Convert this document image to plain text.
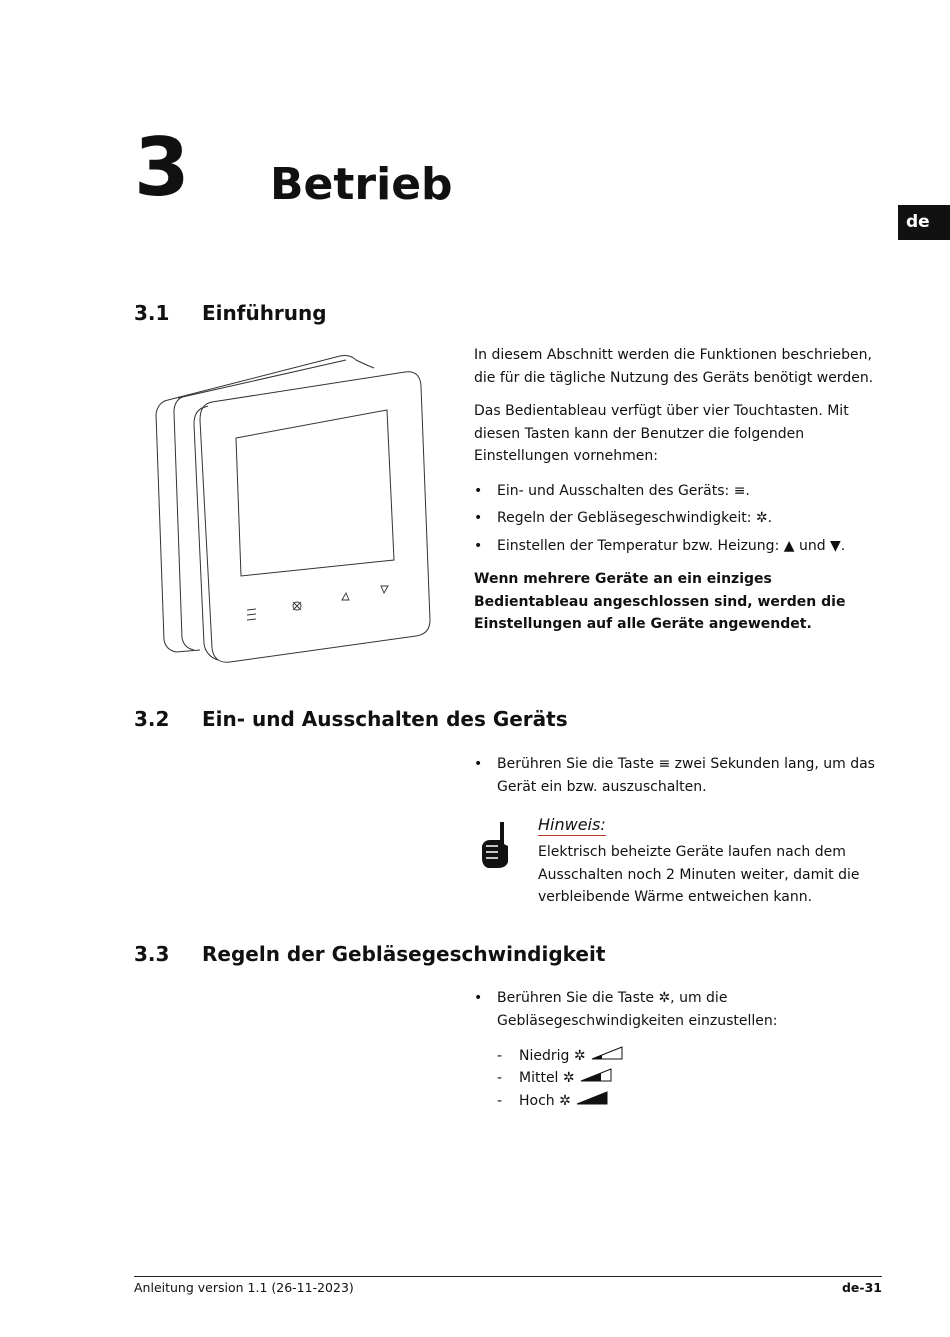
3 Betrieb
de
3.1 Einführung
In diesem Abschnitt werden die Funktionen beschrieben, die für die tägliche Nutzung des Geräts benötigt werden.
Das Bedientableau verfügt über vier Touchtasten. Mit diesen Tasten kann der Benutzer die folgenden Einstellungen vornehmen:
•	Ein- und Ausschalten des Geräts: ≡.
•	Regeln der Gebläsegeschwindigkeit: ✲.
•	Einstellen der Temperatur bzw. Heizung: ▲ und ▼.
Wenn mehrere Geräte an ein einziges Bedientableau angeschlossen sind, werden die Einstellungen auf alle Geräte angewendet.
3.2 Ein- und Ausschalten des Geräts
•	Berühren Sie die Taste ≡ zwei Sekunden lang, um das Gerät ein bzw. auszuschalten.
Hinweis:
Elektrisch beheizte Geräte laufen nach dem Ausschalten noch 2 Minuten weiter, damit die verbleibende Wärme entweichen kann.
3.3 Regeln der Gebläsegeschwindigkeit
•	Berühren Sie die Taste ✲, um die Gebläsegeschwindigkeiten einzustellen:
- Niedrig ✲
- Mittel ✲
- Hoch ✲
Anleitung version 1.1 (26-11-2023)	de-31
